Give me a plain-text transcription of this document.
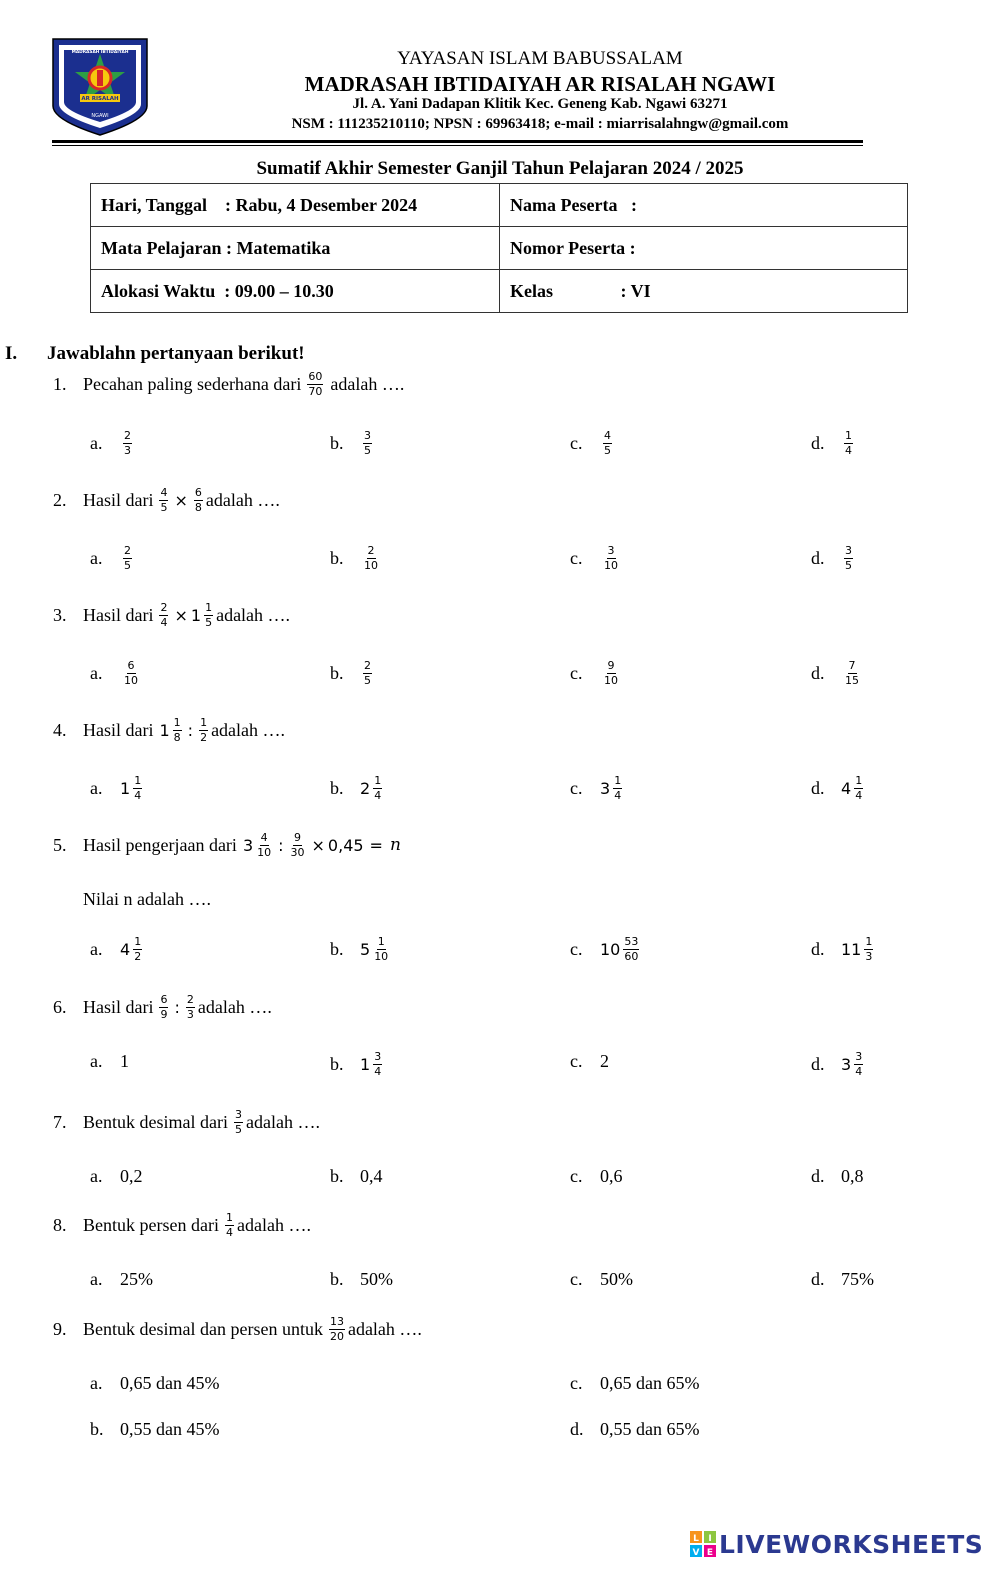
AR RISALAH
NGAWI
MADRASAH IBTIDAIYAH	YAYASAN ISLAM BABUSSALAM
MADRASAH IBTIDAIYAH AR RISALAH NGAWI
Jl. A. Yani Dadapan Klitik Kec. Geneng Kab. Ngawi 63271
NSM : 111235210110; NPSN : 69963418; e-mail : miarrisalahngw@gmail.com
Sumatif Akhir Semester Ganjil Tahun Pelajaran 2024 / 2025
Hari, Tanggal    : Rabu, 4 Desember 2024	Nama Peserta   :
Mata Pelajaran : Matematika	Nomor Peserta :
Alokasi Waktu  : 09.00 – 10.30	Kelas               : VI
I. Jawablahn pertanyaan berikut!
1. Pecahan paling sederhana dari $\frac{60}{70}$ adalah ….
a.	$\frac{2}{3}$	b.	$\frac{3}{5}$	c.	$\frac{4}{5}$	d.	$\frac{1}{4}$
2. Hasil dari $\frac{4}{5} \times \frac{6}{8}$ adalah ….
a.	$\frac{2}{5}$	b.	$\frac{2}{10}$	c.	$\frac{3}{10}$	d.	$\frac{3}{5}$
3. Hasil dari $\frac{2}{4} \times 1 \frac{1}{5}$ adalah ….
a.	$\frac{6}{10}$	b.	$\frac{2}{5}$	c.	$\frac{9}{10}$	d.	$\frac{7}{15}$
4. Hasil dari $1 \frac{1}{8}$ : $\frac{1}{2}$ adalah ….
a.	$1 \frac{1}{4}$	b.	$2 \frac{1}{4}$	c.	$3 \frac{1}{4}$	d.	$4 \frac{1}{4}$
5. Hasil pengerjaan dari $3 \frac{4}{10}$ : $\frac{9}{30} \times 0,45 = n$
Nilai n adalah ….
a.	$4 \frac{1}{2}$	b.	$5 \frac{1}{10}$	c.	$10 \frac{53}{60}$	d.	$11 \frac{1}{3}$
6. Hasil dari $\frac{6}{9}$ : $\frac{2}{3}$ adalah ….
a. 1	b.	$1 \frac{3}{4}$	c. 2	d.	$3 \frac{3}{4}$
7. Bentuk desimal dari $\frac{3}{5}$ adalah ….
a. 0,2	b. 0,4	c. 0,6	d. 0,8
8. Bentuk persen dari $\frac{1}{4}$ adalah ….
a. 25%	b. 50%	c. 50%	d. 75%
9. Bentuk desimal dan persen untuk $\frac{13}{20}$ adalah ….
a. 0,65 dan 45%	c. 0,65 dan 65%
b. 0,55 dan 45%	d. 0,55 dan 65%
L I
V E LIVEWORKSHEETS
